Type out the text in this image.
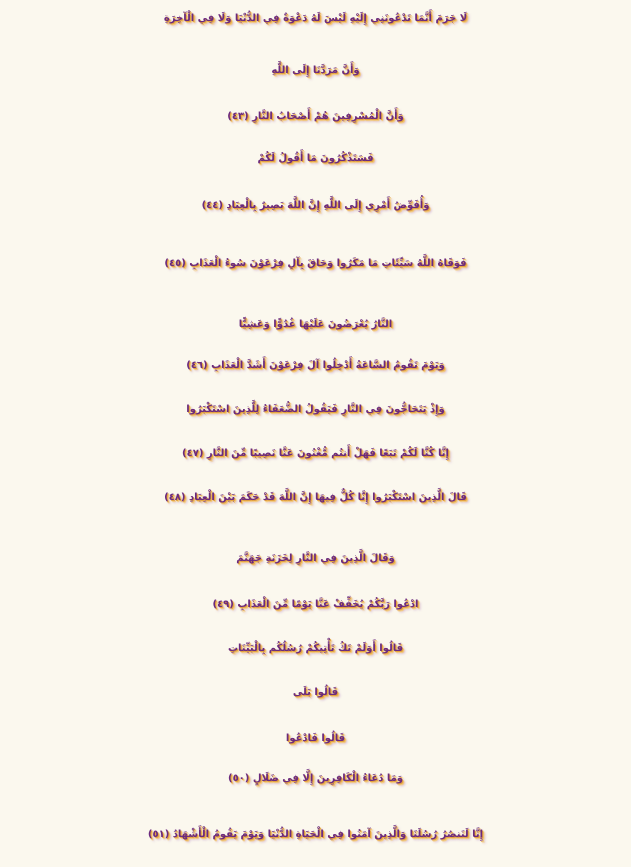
لَا جَرَمَ أَنَّمَا تَدْعُونَنِي إِلَيْهِ لَيْسَ لَهُ دَعْوَةٌ فِي الدُّنْيَا وَلَا فِي الْآخِرَةِ
وَأَنَّ مَرَدَّنَا إِلَى اللَّهِ
وَأَنَّ الْمُسْرِفِينَ هُمْ أَصْحَابُ النَّارِ (٤٣)
فَسَتَذْكُرُونَ مَا أَقُولُ لَكُمْ
وَأُفَوِّضُ أَمْرِي إِلَى اللَّهِ إِنَّ اللَّهَ بَصِيرٌ بِالْعِبَادِ (٤٤)
فَوَقَاهُ اللَّهُ سَيِّئَاتِ مَا مَكَرُوا وَحَاقَ بِآلِ فِرْعَوْنَ سُوءُ الْعَذَابِ (٤٥)
النَّارُ يُعْرَضُونَ عَلَيْهَا غُدُوًّا وَعَشِيًّا
وَيَوْمَ تَقُومُ السَّاعَةُ أَدْخِلُوا آلَ فِرْعَوْنَ أَشَدَّ الْعَذَابِ (٤٦)
وَإِذْ يَتَحَاجُّونَ فِي النَّارِ فَيَقُولُ الضُّعَفَاءُ لِلَّذِينَ اسْتَكْبَرُوا
إِنَّا كُنَّا لَكُمْ تَبَعًا فَهَلْ أَنتُم مُّغْنُونَ عَنَّا نَصِيبًا مِّنَ النَّارِ (٤٧)
قَالَ الَّذِينَ اسْتَكْبَرُوا إِنَّا كُلٌّ فِيهَا إِنَّ اللَّهَ قَدْ حَكَمَ بَيْنَ الْعِبَادِ (٤٨)
وَقَالَ الَّذِينَ فِي النَّارِ لِخَزَنَةِ جَهَنَّمَ
ادْعُوا رَبَّكُمْ يُخَفِّفْ عَنَّا يَوْمًا مِّنَ الْعَذَابِ (٤٩)
قَالُوا أَوَلَمْ تَكُ تَأْتِيكُمْ رُسُلُكُم بِالْبَيِّنَاتِ
قَالُوا بَلَى
قَالُوا فَادْعُوا
وَمَا دُعَاءُ الْكَافِرِينَ إِلَّا فِي ضَلَالٍ (٥٠)
إِنَّا لَنَنصُرُ رُسُلَنَا وَالَّذِينَ آمَنُوا فِي الْحَيَاةِ الدُّنْيَا وَيَوْمَ يَقُومُ الْأَشْهَادُ (٥١)
